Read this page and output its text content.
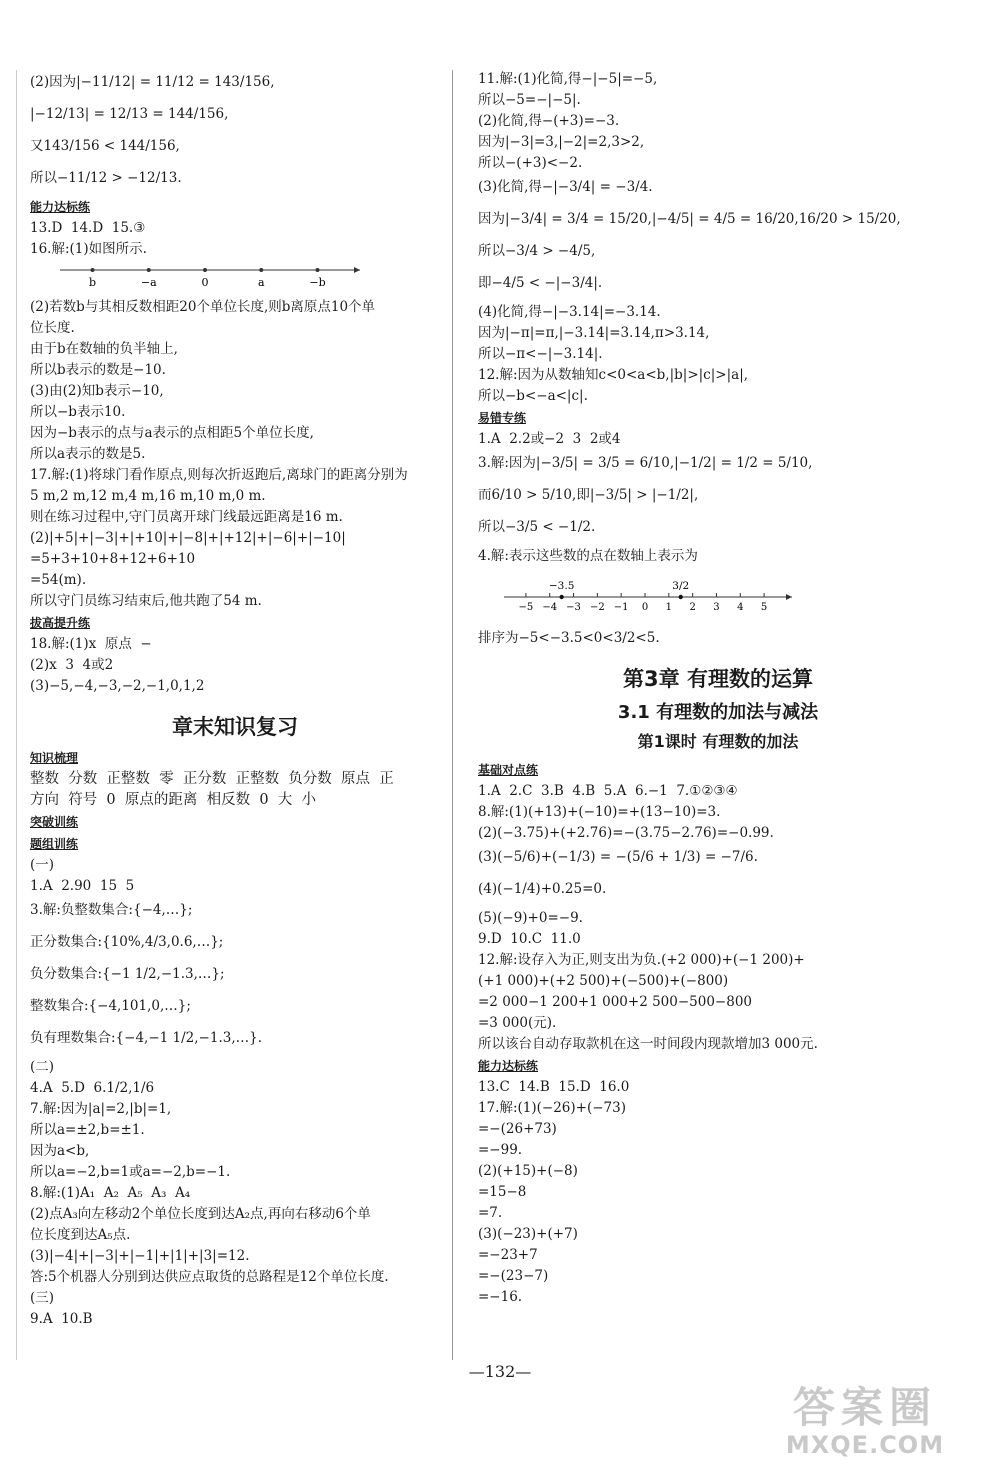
(2)因为|−11/12| = 11/12 = 143/156,
|−12/13| = 12/13 = 144/156,
又143/156 < 144/156,
所以−11/12 > −12/13.
能力达标练
13.D  14.D  15.③
16.解:(1)如图所示.
b	−a	0	a	−b
(2)若数b与其相反数相距20个单位长度,则b离原点10个单
位长度.
由于b在数轴的负半轴上,
所以b表示的数是−10.
(3)由(2)知b表示−10,
所以−b表示10.
因为−b表示的点与a表示的点相距5个单位长度,
所以a表示的数是5.
17.解:(1)将球门看作原点,则每次折返跑后,离球门的距离分别为
5 m,2 m,12 m,4 m,16 m,10 m,0 m.
则在练习过程中,守门员离开球门线最远距离是16 m.
(2)|+5|+|−3|+|+10|+|−8|+|+12|+|−6|+|−10|
=5+3+10+8+12+6+10
=54(m).
所以守门员练习结束后,他共跑了54 m.
拔高提升练
18.解:(1)x  原点  −
(2)x  3  4或2
(3)−5,−4,−3,−2,−1,0,1,2
章末知识复习
知识梳理
整数  分数  正整数  零  正分数  正整数  负分数  原点  正
方向  符号  0  原点的距离  相反数  0  大  小
突破训练
题组训练
(一)
1.A  2.90  15  5
3.解:负整数集合:{−4,…};
正分数集合:{10%,4/3,0.6,…};
负分数集合:{−1 1/2,−1.3,…};
整数集合:{−4,101,0,…};
负有理数集合:{−4,−1 1/2,−1.3,…}.
(二)
4.A  5.D  6.1/2,1/6
7.解:因为|a|=2,|b|=1,
所以a=±2,b=±1.
因为a<b,
所以a=−2,b=1或a=−2,b=−1.
8.解:(1)A₁  A₂  A₅  A₃  A₄
(2)点A₃向左移动2个单位长度到达A₂点,再向右移动6个单
位长度到达A₅点.
(3)|−4|+|−3|+|−1|+|1|+|3|=12.
答:5个机器人分别到达供应点取货的总路程是12个单位长度.
(三)
9.A  10.B
11.解:(1)化简,得−|−5|=−5,
所以−5=−|−5|.
(2)化简,得−(+3)=−3.
因为|−3|=3,|−2|=2,3>2,
所以−(+3)<−2.
(3)化简,得−|−3/4| = −3/4.
因为|−3/4| = 3/4 = 15/20,|−4/5| = 4/5 = 16/20,16/20 > 15/20,
所以−3/4 > −4/5,
即−4/5 < −|−3/4|.
(4)化简,得−|−3.14|=−3.14.
因为|−π|=π,|−3.14|=3.14,π>3.14,
所以−π<−|−3.14|.
12.解:因为从数轴知c<0<a<b,|b|>|c|>|a|,
所以−b<−a<|c|.
易错专练
1.A  2.2或−2  3  2或4
3.解:因为|−3/5| = 3/5 = 6/10,|−1/2| = 1/2 = 5/10,
而6/10 > 5/10,即|−3/5| > |−1/2|,
所以−3/5 < −1/2.
4.解:表示这些数的点在数轴上表示为
−5 −4 −3 −2 −1 0 1 2 3 4 5
−3.5	3/2
排序为−5<−3.5<0<3/2<5.
第3章 有理数的运算
3.1 有理数的加法与减法
第1课时 有理数的加法
基础对点练
1.A  2.C  3.B  4.B  5.A  6.−1  7.①②③④
8.解:(1)(+13)+(−10)=+(13−10)=3.
(2)(−3.75)+(+2.76)=−(3.75−2.76)=−0.99.
(3)(−5/6)+(−1/3) = −(5/6 + 1/3) = −7/6.
(4)(−1/4)+0.25=0.
(5)(−9)+0=−9.
9.D  10.C  11.0
12.解:设存入为正,则支出为负.(+2 000)+(−1 200)+
(+1 000)+(+2 500)+(−500)+(−800)
=2 000−1 200+1 000+2 500−500−800
=3 000(元).
所以该台自动存取款机在这一时间段内现款增加3 000元.
能力达标练
13.C  14.B  15.D  16.0
17.解:(1)(−26)+(−73)
=−(26+73)
=−99.
(2)(+15)+(−8)
=15−8
=7.
(3)(−23)+(+7)
=−23+7
=−(23−7)
=−16.
—132—
答案圈
MXQE.COM
